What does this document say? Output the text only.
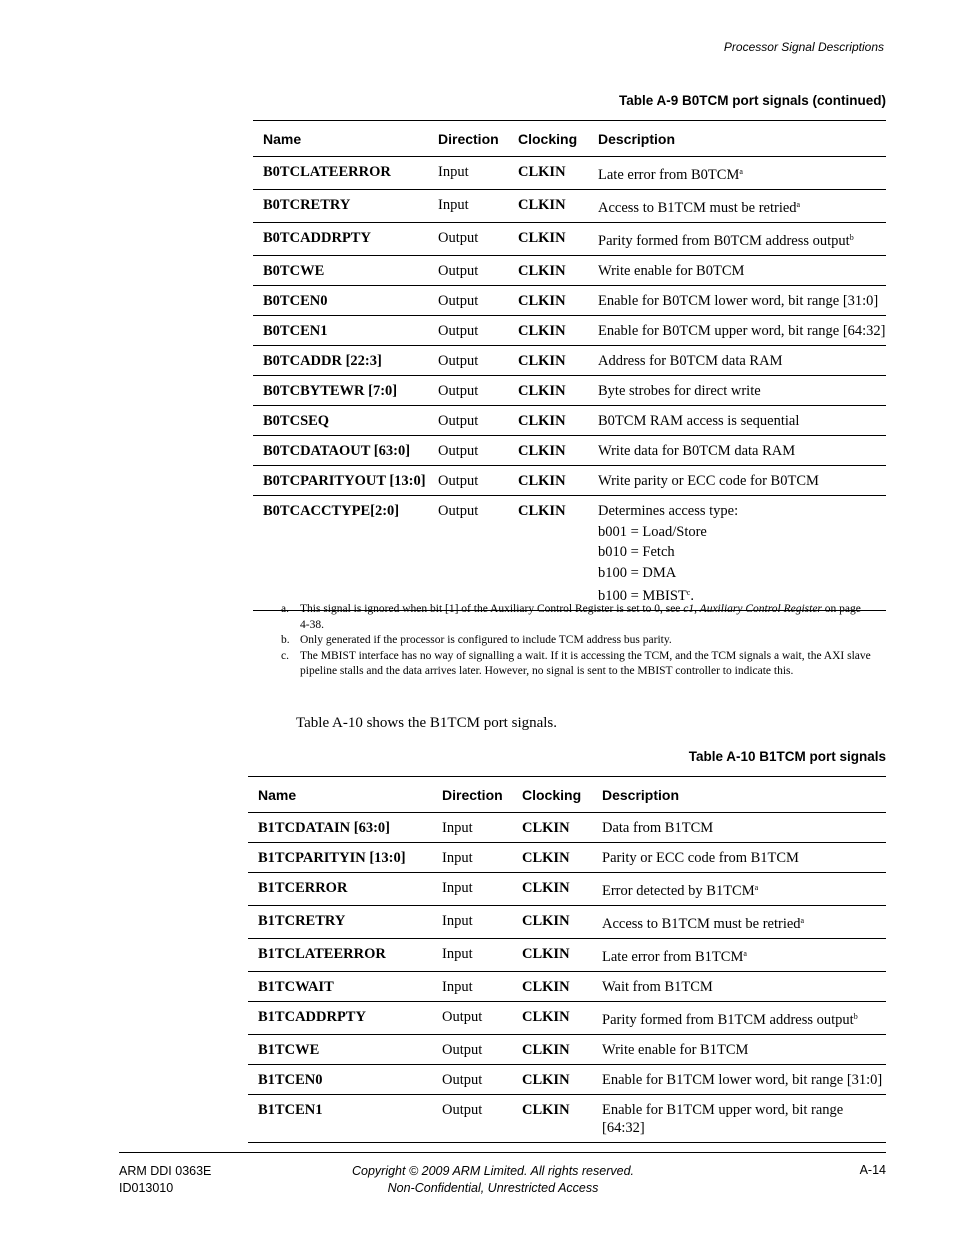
Processor Signal Descriptions
Table A-9 B0TCM port signals (continued)
Name	Direction	Clocking	Description
B0TCLATEERROR	Input	CLKIN	Late error from B0TCM$^a$
B0TCRETRY	Input	CLKIN	Access to B1TCM must be retried$^a$
B0TCADDRPTY	Output	CLKIN	Parity formed from B0TCM address output$^b$
B0TCWE	Output	CLKIN	Write enable for B0TCM
B0TCEN0	Output	CLKIN	Enable for B0TCM lower word, bit range [31:0]
B0TCEN1	Output	CLKIN	Enable for B0TCM upper word, bit range [64:32]
B0TCADDR [22:3]	Output	CLKIN	Address for B0TCM data RAM
B0TCBYTEWR [7:0]	Output	CLKIN	Byte strobes for direct write
B0TCSEQ	Output	CLKIN	B0TCM RAM access is sequential
B0TCDATAOUT [63:0]	Output	CLKIN	Write data for B0TCM data RAM
B0TCPARITYOUT [13:0]	Output	CLKIN	Write parity or ECC code for B0TCM
B0TCACCTYPE[2:0]	Output	CLKIN	Determines access type:
b001 = Load/Store
b010 = Fetch
b100 = DMA
$b100 = MBIST^c$.
a. This signal is ignored when bit [1] of the Auxiliary Control Register is set to 0, see c1, Auxiliary Control Register on page 4-38.
b. Only generated if the processor is configured to include TCM address bus parity.
c. The MBIST interface has no way of signalling a wait. If it is accessing the TCM, and the TCM signals a wait, the AXI slave pipeline stalls and the data arrives later. However, no signal is sent to the MBIST controller to indicate this.
Table A-10 shows the B1TCM port signals.
Table A-10 B1TCM port signals
Name	Direction	Clocking	Description
B1TCDATAIN [63:0]	Input	CLKIN	Data from B1TCM
B1TCPARITYIN [13:0]	Input	CLKIN	Parity or ECC code from B1TCM
B1TCERROR	Input	CLKIN	Error detected by B1TCM$^a$
B1TCRETRY	Input	CLKIN	Access to B1TCM must be retried$^a$
B1TCLATEERROR	Input	CLKIN	Late error from B1TCM$^a$
B1TCWAIT	Input	CLKIN	Wait from B1TCM
B1TCADDRPTY	Output	CLKIN	Parity formed from B1TCM address output$^b$
B1TCWE	Output	CLKIN	Write enable for B1TCM
B1TCEN0	Output	CLKIN	Enable for B1TCM lower word, bit range [31:0]
B1TCEN1	Output	CLKIN	Enable for B1TCM upper word, bit range [64:32]
ARM DDI 0363E
ID013010
Copyright © 2009 ARM Limited. All rights reserved.
Non-Confidential, Unrestricted Access
A-14
